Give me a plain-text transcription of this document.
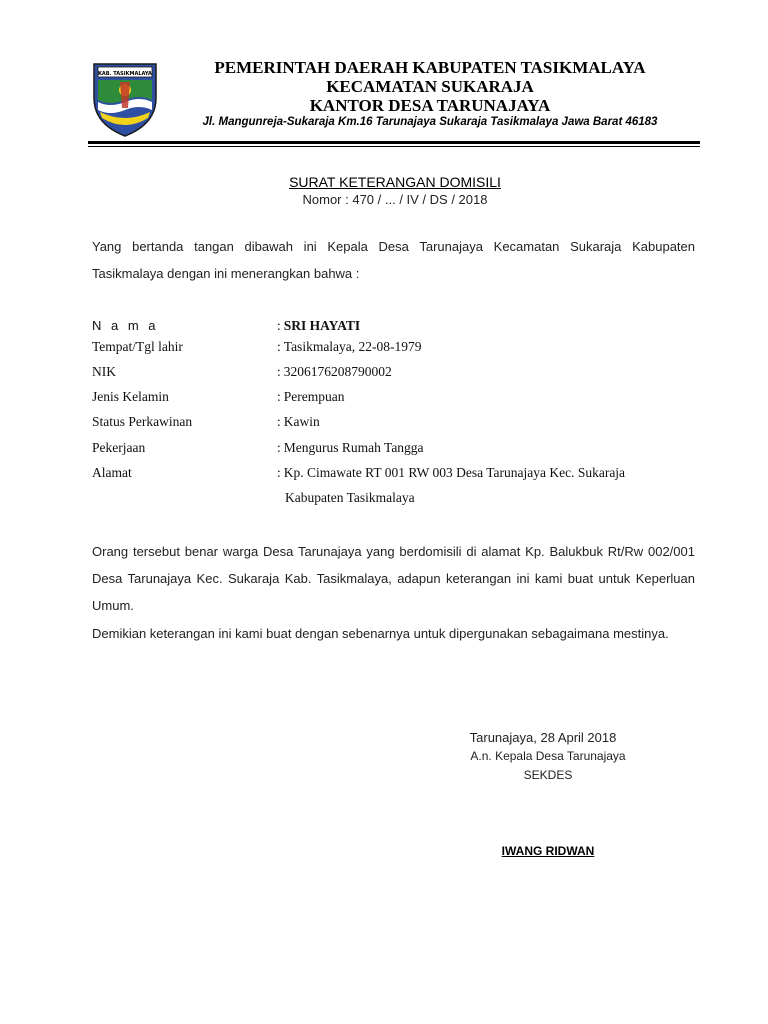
KAB. TASIKMALAYA	PEMERINTAH DAERAH KABUPATEN TASIKMALAYA
KECAMATAN SUKARAJA
KANTOR DESA TARUNAJAYA
Jl. Mangunreja-Sukaraja Km.16 Tarunajaya Sukaraja Tasikmalaya Jawa Barat 46183
SURAT KETERANGAN DOMISILI
Nomor : 470 / ... / IV / DS / 2018
Yang bertanda tangan dibawah ini Kepala Desa Tarunajaya Kecamatan Sukaraja Kabupaten Tasikmalaya dengan ini menerangkan bahwa :
N a m a	: SRI HAYATI
Tempat/Tgl lahir	: Tasikmalaya, 22-08-1979
NIK	: 3206176208790002
Jenis Kelamin	: Perempuan
Status Perkawinan	: Kawin
Pekerjaan	: Mengurus Rumah Tangga
Alamat	: Kp. Cimawate RT 001 RW 003 Desa Tarunajaya Kec. Sukaraja
Kabupaten Tasikmalaya
Orang tersebut benar warga Desa Tarunajaya yang berdomisili di alamat Kp. Balukbuk Rt/Rw 002/001 Desa Tarunajaya Kec. Sukaraja Kab. Tasikmalaya, adapun keterangan ini kami buat untuk Keperluan Umum.
Demikian keterangan ini kami buat dengan sebenarnya untuk dipergunakan sebagaimana mestinya.
Tarunajaya, 28 April 2018
A.n. Kepala Desa Tarunajaya
SEKDES
IWANG RIDWAN
